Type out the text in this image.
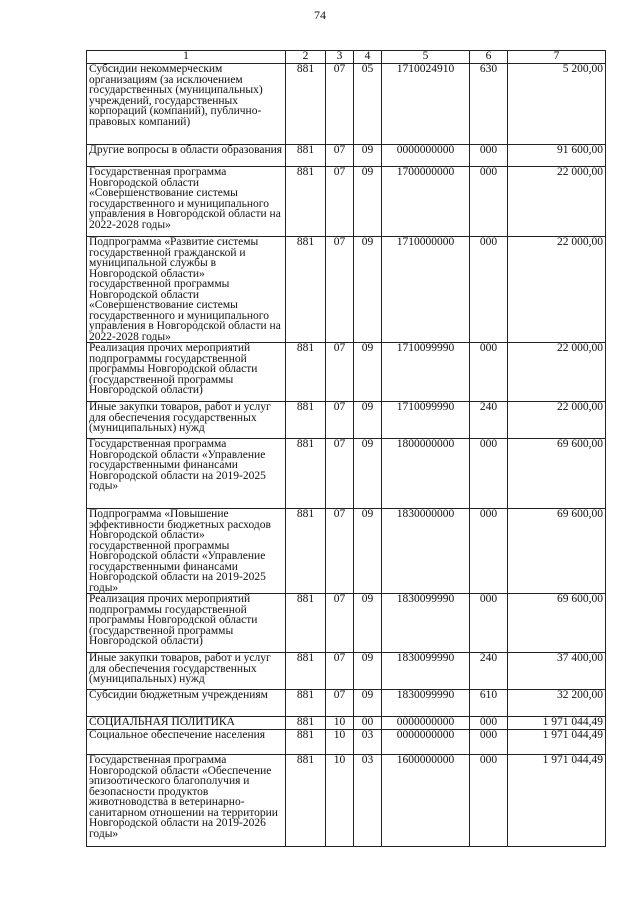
74
1	2	3	4	5	6	7
Субсидии некоммерческим организациям (за исключением государственных (муниципальных) учреждений, государственных корпораций (компаний), публично-правовых компаний)	881	07	05	1710024910	630	5 200,00
Другие вопросы в области образования	881	07	09	0000000000	000	91 600,00
Государственная программа Новгородской области «Совершенствование системы государственного и муниципального управления в Новгородской области на 2022-2028 годы»	881	07	09	1700000000	000	22 000,00
Подпрограмма «Развитие системы государственной гражданской и муниципальной службы в Новгородской области» государственной программы Новгородской области «Совершенствование системы государственного и муниципального управления в Новгородской области на 2022-2028 годы»	881	07	09	1710000000	000	22 000,00
Реализация прочих мероприятий подпрограммы государственной программы Новгородской области (государственной программы Новгородской области)	881	07	09	1710099990	000	22 000,00
Иные закупки товаров, работ и услуг для обеспечения государственных (муниципальных) нужд	881	07	09	1710099990	240	22 000,00
Государственная программа Новгородской области «Управление государственными финансами Новгородской области на 2019-2025 годы»	881	07	09	1800000000	000	69 600,00
Подпрограмма «Повышение эффективности бюджетных расходов Новгородской области» государственной программы Новгородской области «Управление государственными финансами Новгородской области на 2019-2025 годы»	881	07	09	1830000000	000	69 600,00
Реализация прочих мероприятий подпрограммы государственной программы Новгородской области (государственной программы Новгородской области)	881	07	09	1830099990	000	69 600,00
Иные закупки товаров, работ и услуг для обеспечения государственных (муниципальных) нужд	881	07	09	1830099990	240	37 400,00
Субсидии бюджетным учреждениям	881	07	09	1830099990	610	32 200,00
СОЦИАЛЬНАЯ ПОЛИТИКА	881	10	00	0000000000	000	1 971 044,49
Социальное обеспечение населения	881	10	03	0000000000	000	1 971 044,49
Государственная программа Новгородской области «Обеспечение эпизоотического благополучия и безопасности продуктов животноводства в ветеринарно-санитарном отношении на территории Новгородской области на 2019-2026 годы»	881	10	03	1600000000	000	1 971 044,49
